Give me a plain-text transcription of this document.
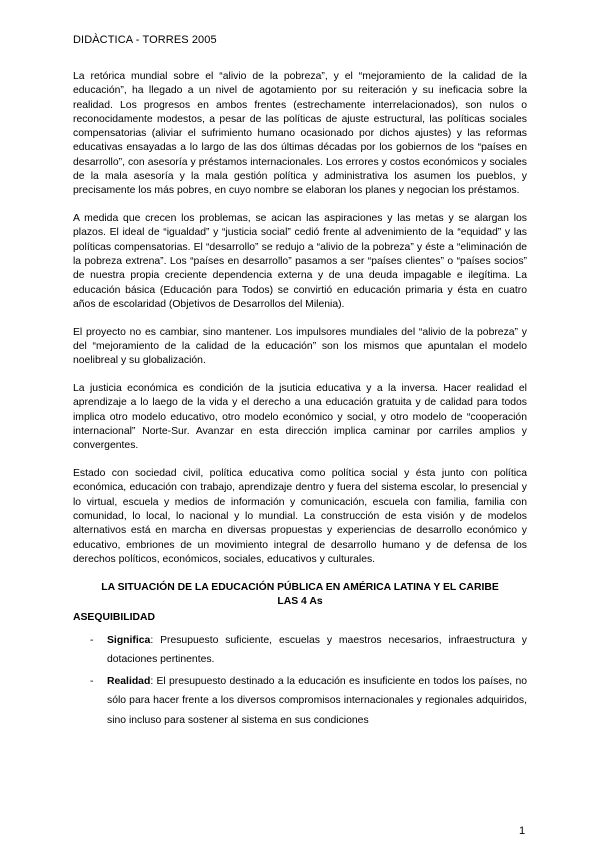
DIDÀCTICA - TORRES 2005

La retórica mundial sobre el “alivio de la pobreza”, y el “mejoramiento de la calidad de la educación”, ha llegado a un nivel de agotamiento por su reiteración y su ineficacia sobre la realidad. Los progresos en ambos frentes (estrechamente interrelacionados), son nulos o reconocidamente modestos, a pesar de las políticas de ajuste estructural, las políticas sociales compensatorias (aliviar el sufrimiento humano ocasionado por dichos ajustes) y las reformas educativas ensayadas a lo largo de las dos últimas décadas por los gobiernos de los “países en desarrollo”, con asesoría y préstamos internacionales. Los errores y costos económicos y sociales de la mala asesoría y la mala gestión política y administrativa los asumen los pueblos, y precisamente los más pobres, en cuyo nombre se elaboran los planes y negocian los préstamos.

A medida que crecen los problemas, se acican las aspiraciones y las metas y se alargan los plazos. El ideal de “igualdad” y “justicia social” cedió frente al advenimiento de la “equidad” y las políticas compensatorias. El “desarrollo” se redujo a “alivio de la pobreza” y éste a “eliminación de la pobreza extrena”. Los “países en desarrollo” pasamos a ser “países clientes” o “países socios” de nuestra propia creciente dependencia externa y de una deuda impagable e ilegítima. La educación básica (Educación para Todos) se convirtió en educación primaria y ésta en cuatro años de escolaridad (Objetivos de Desarrollos del Milenia).

El proyecto no es cambiar, sino mantener. Los impulsores mundiales del “alivio de la pobreza” y del “mejoramiento de la calidad de la educación” son los mismos que apuntalan el modelo noelibreal y su globalización.

La justicia económica es condición de la jsuticia educativa y a la inversa. Hacer realidad el aprendizaje a lo laego de la vida y el derecho a una educación gratuita y de calidad para todos implica otro modelo educativo, otro modelo económico y social, y otro modelo de “cooperación internacional” Norte-Sur. Avanzar en esta dirección implica caminar por carriles amplios y convergentes.

Estado con sociedad civil, política educativa como política social y ésta junto con política económica, educación con trabajo, aprendizaje dentro y fuera del sistema escolar, lo presencial y lo virtual, escuela y medios de información y comunicación, escuela con familia, familia con comunidad, lo local, lo nacional y lo mundial. La construcción de esta visión y de modelos alternativos está en marcha en diversas propuestas y experiencias de desarrollo económico y educativo, embriones de un movimiento integral de desarrollo humano y de defensa de los derechos políticos, económicos, sociales, educativos y culturales.

LA SITUACIÓN DE LA EDUCACIÓN PÚBLICA EN AMÉRICA LATINA Y EL CARIBE
LAS 4 As
ASEQUIBILIDAD
- Significa: Presupuesto suficiente, escuelas y maestros necesarios, infraestructura y dotaciones pertinentes.
- Realidad: El presupuesto destinado a la educación es insuficiente en todos los países, no sólo para hacer frente a los diversos compromisos internacionales y regionales adquiridos, sino incluso para sostener al sistema en sus condiciones
1
